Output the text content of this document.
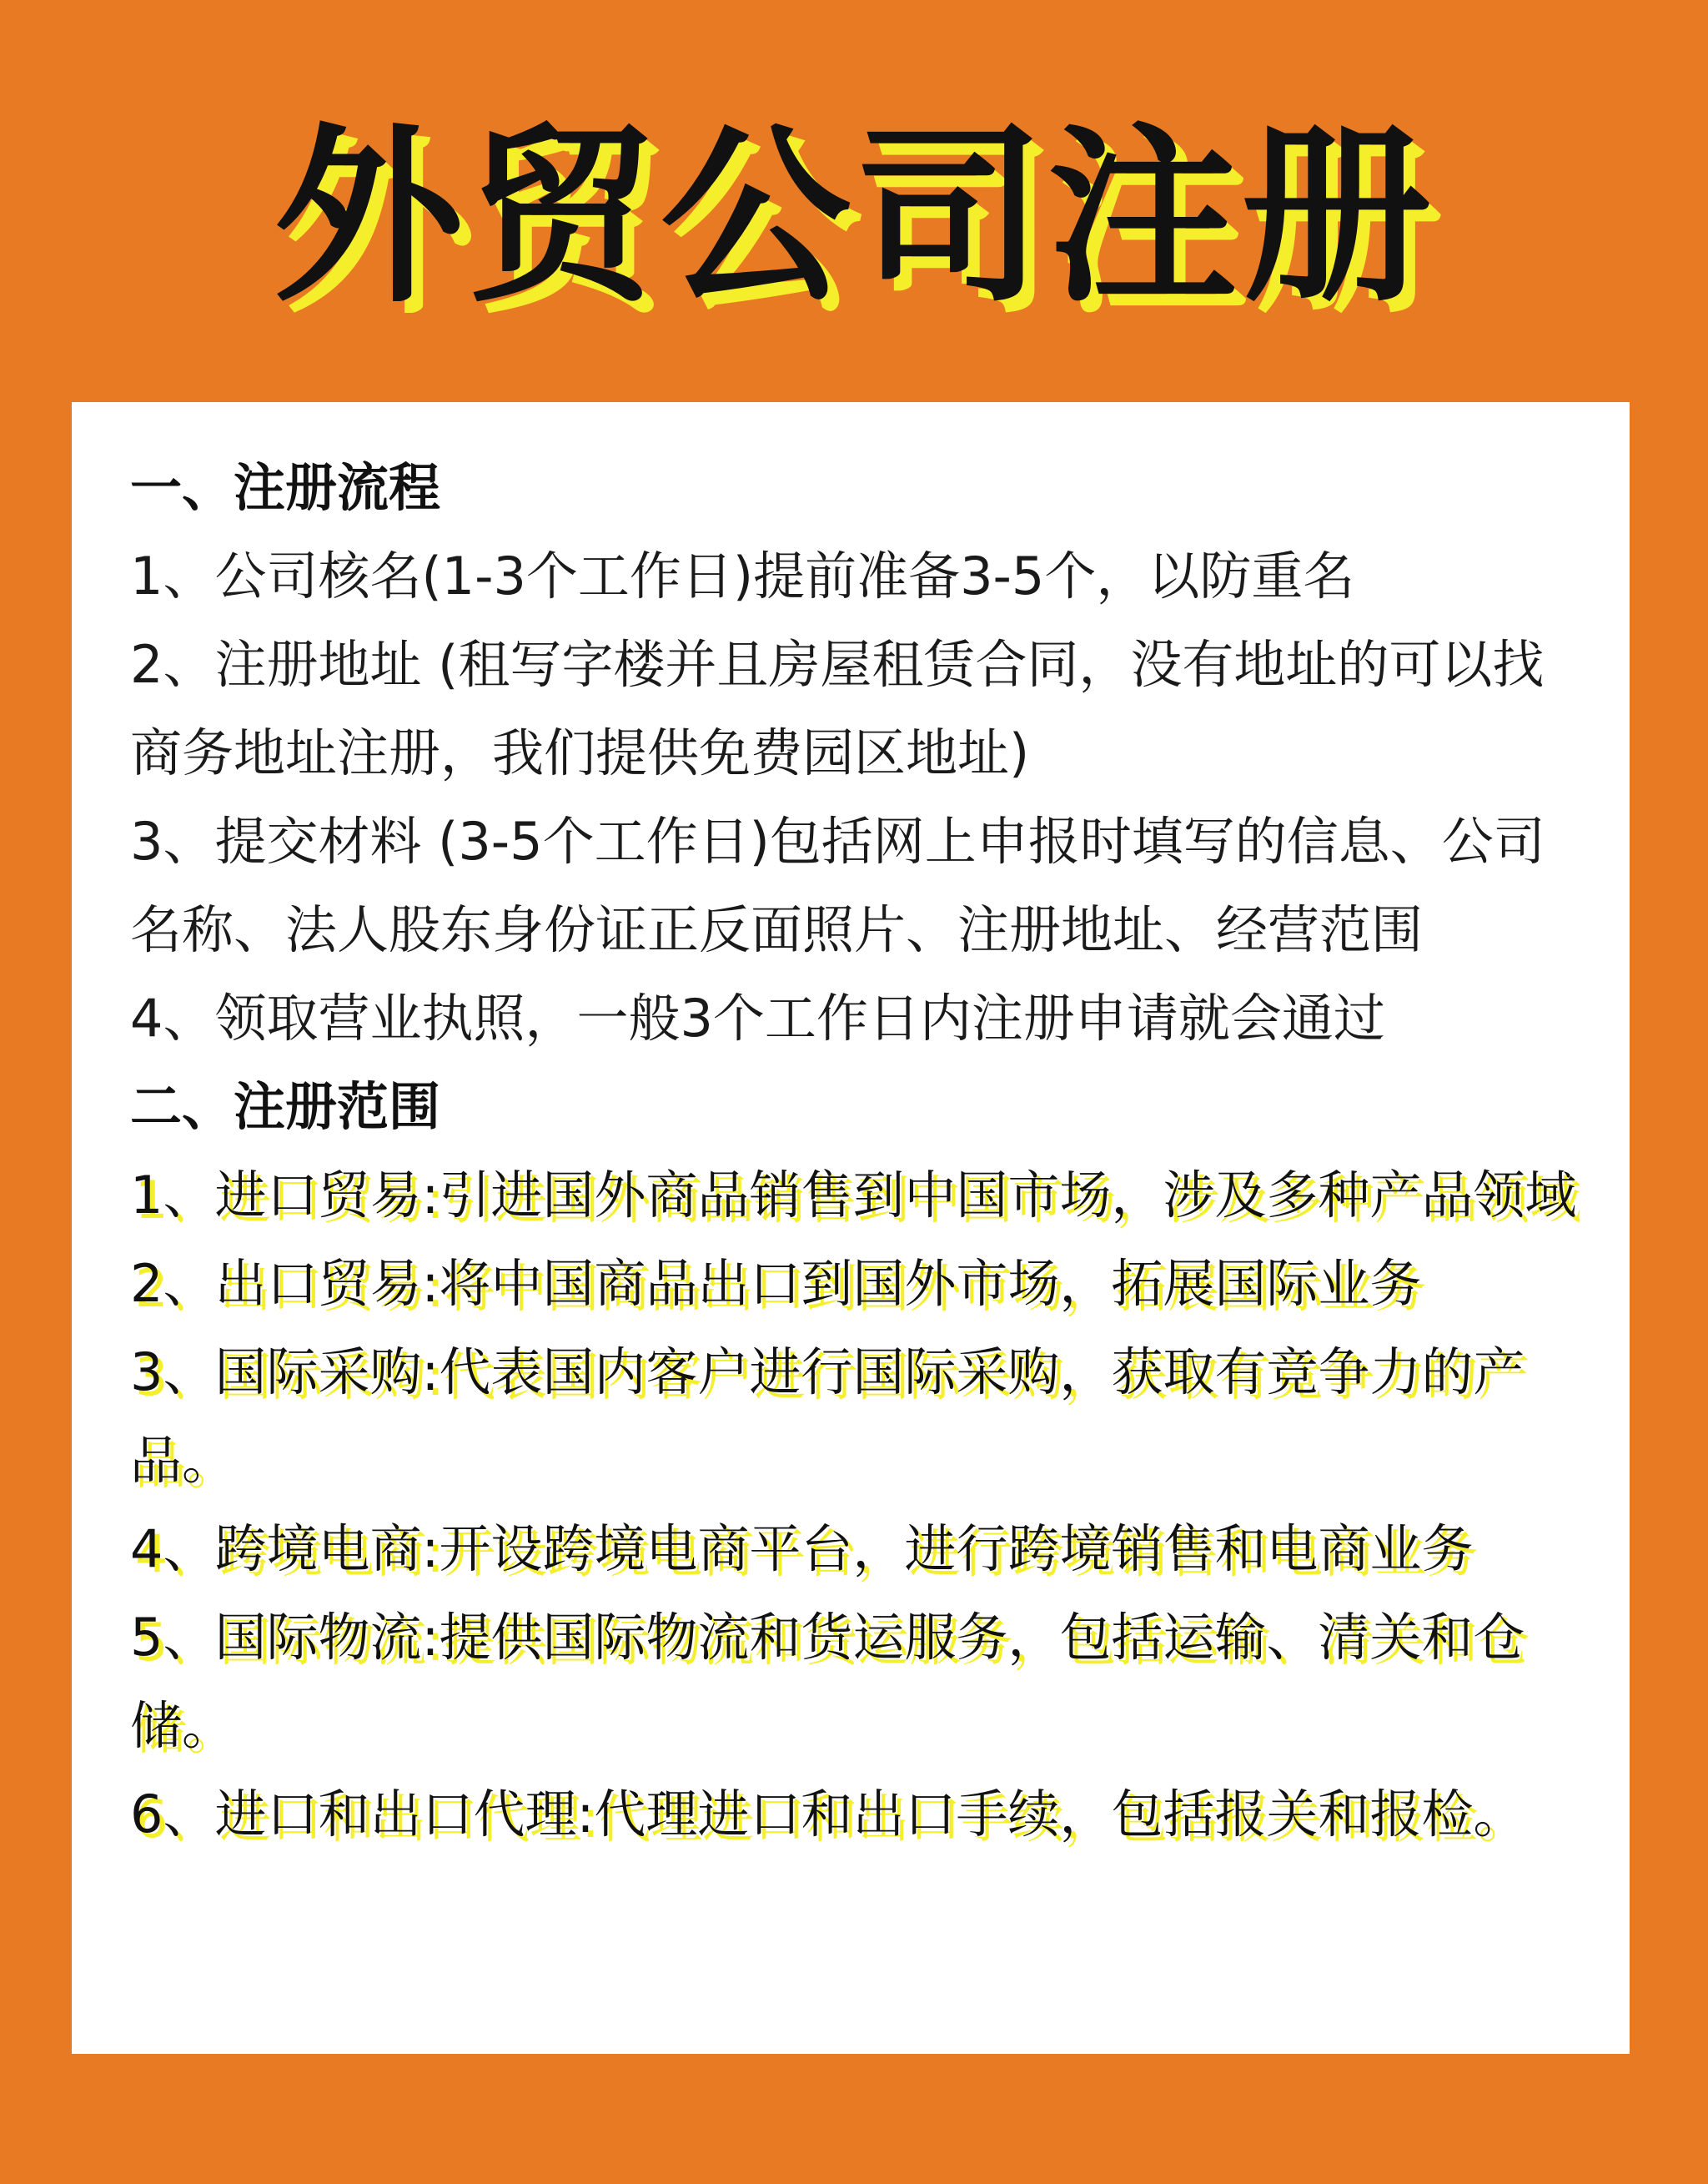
外贸公司注册

一、注册流程

1、公司核名(1-3个工作日)提前准备3-5个，以防重名

2、注册地址 (租写字楼并且房屋租赁合同，没有地址的可以找商务地址注册，我们提供免费园区地址)

3、提交材料 (3-5个工作日)包括网上申报时填写的信息、公司名称、法人股东身份证正反面照片、注册地址、经营范围

4、领取营业执照，一般3个工作日内注册申请就会通过

二、注册范围

1、进口贸易:引进国外商品销售到中国市场，涉及多种产品领域

2、出口贸易:将中国商品出口到国外市场，拓展国际业务

3、国际采购:代表国内客户进行国际采购，获取有竞争力的产品。

4、跨境电商:开设跨境电商平台，进行跨境销售和电商业务

5、国际物流:提供国际物流和货运服务，包括运输、清关和仓储。

6、进口和出口代理:代理进口和出口手续，包括报关和报检。
